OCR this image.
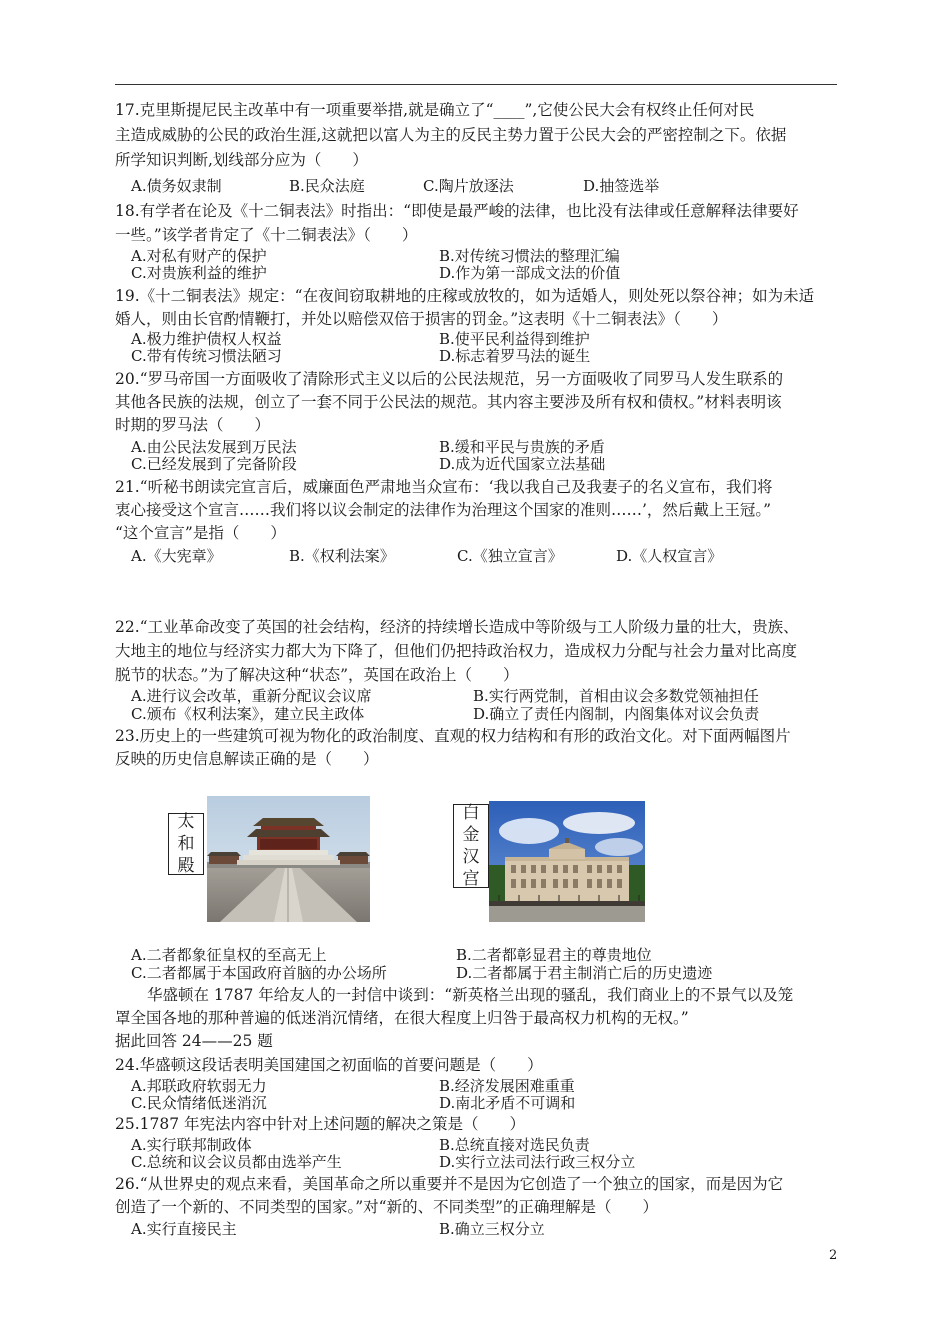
17.克里斯提尼民主改革中有一项重要举措,就是确立了“____”,它使公民大会有权终止任何对民
主造成威胁的公民的政治生涯,这就把以富人为主的反民主势力置于公民大会的严密控制之下。依据
所学知识判断,划线部分应为（　　）
A.债务奴隶制	B.民众法庭	C.陶片放逐法	D.抽签选举
18.有学者在论及《十二铜表法》时指出：“即使是最严峻的法律，也比没有法律或任意解释法律要好
一些。”该学者肯定了《十二铜表法》（　　）
A.对私有财产的保护	B.对传统习惯法的整理汇编
C.对贵族利益的维护	D.作为第一部成文法的价值
19.《十二铜表法》规定：“在夜间窃取耕地的庄稼或放牧的，如为适婚人，则处死以祭谷神；如为未适
婚人，则由长官酌情鞭打，并处以赔偿双倍于损害的罚金。”这表明《十二铜表法》（　　）
A.极力维护债权人权益	B.使平民利益得到维护
C.带有传统习惯法陋习	D.标志着罗马法的诞生
20.“罗马帝国一方面吸收了清除形式主义以后的公民法规范，另一方面吸收了同罗马人发生联系的
其他各民族的法规，创立了一套不同于公民法的规范。其内容主要涉及所有权和债权。”材料表明该
时期的罗马法（　　）
A.由公民法发展到万民法	B.缓和平民与贵族的矛盾
C.已经发展到了完备阶段	D.成为近代国家立法基础
21.“听秘书朗读完宣言后，威廉面色严肃地当众宣布：‘我以我自己及我妻子的名义宣布，我们将
衷心接受这个宣言……我们将以议会制定的法律作为治理这个国家的准则……’，然后戴上王冠。”
“这个宣言”是指（　　）
A.《大宪章》	B.《权利法案》	C.《独立宣言》	D.《人权宣言》
22.“工业革命改变了英国的社会结构，经济的持续增长造成中等阶级与工人阶级力量的壮大，贵族、
大地主的地位与经济实力都大为下降了，但他们仍把持政治权力，造成权力分配与社会力量对比高度
脱节的状态。”为了解决这种“状态”，英国在政治上（　　）
A.进行议会改革，重新分配议会议席	B.实行两党制，首相由议会多数党领袖担任
C.颁布《权利法案》，建立民主政体	D.确立了责任内阁制，内阁集体对议会负责
23.历史上的一些建筑可视为物化的政治制度、直观的权力结构和有形的政治文化。对下面两幅图片
反映的历史信息解读正确的是（　　）
太
和
殿
白
金
汉
宫
A.二者都象征皇权的至高无上	B.二者都彰显君主的尊贵地位
C.二者都属于本国政府首脑的办公场所	D.二者都属于君主制消亡后的历史遗迹
华盛顿在 1787 年给友人的一封信中谈到：“新英格兰出现的骚乱，我们商业上的不景气以及笼
罩全国各地的那种普遍的低迷消沉情绪，在很大程度上归咎于最高权力机构的无权。”
据此回答 24——25 题
24.华盛顿这段话表明美国建国之初面临的首要问题是（　　）
A.邦联政府软弱无力	B.经济发展困难重重
C.民众情绪低迷消沉	D.南北矛盾不可调和
25.1787 年宪法内容中针对上述问题的解决之策是（　　）
A.实行联邦制政体	B.总统直接对选民负责
C.总统和议会议员都由选举产生	D.实行立法司法行政三权分立
26.“从世界史的观点来看，美国革命之所以重要并不是因为它创造了一个独立的国家，而是因为它
创造了一个新的、不同类型的国家。”对“新的、不同类型”的正确理解是（　　）
A.实行直接民主	B.确立三权分立
2
